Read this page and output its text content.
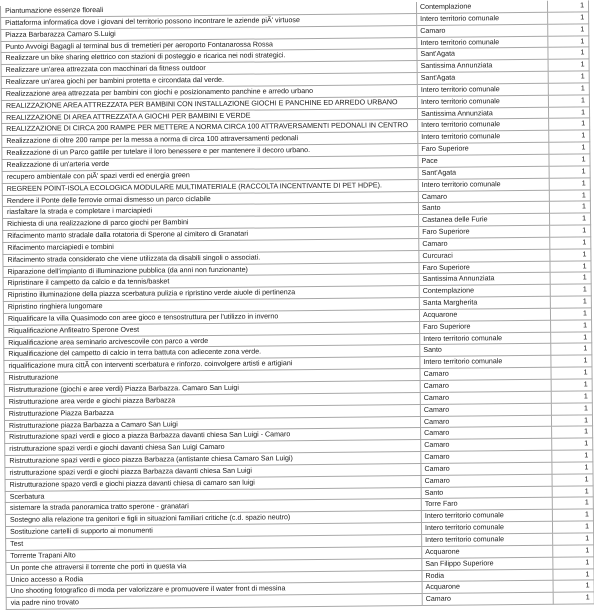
Piantumazione essenze floreali	Contemplazione	1
Piattaforma informatica dove i giovani del territorio possono incontrare le aziende piÃ' virtuose	Intero territorio comunale	1
Piazza Barbarazza Camaro S.Luigi	Camaro	1
Punto Avvoigi Bagagli al terminal bus di tremetieri per aeroporto Fontanarossa Rossa	Intero territorio comunale	1
Realizzare un bike sharing elettrico con stazioni di posteggio e ricarica nei nodi strategici.	Sant'Agata	1
Realizzare un'area attrezzata con macchinari da fitness outdoor	Santissima Annunziata	1
Realizzare un'area giochi per bambini protetta e circondata dal verde.	Sant'Agata	1
Realizzazione area attrezzata per bambini con giochi e posizionamento panchine e arredo urbano	Intero territorio comunale	1
REALIZZAZIONE AREA ATTREZZATA PER BAMBINI CON INSTALLAZIONE GIOCHI E PANCHINE ED ARREDO URBANO	Intero territorio comunale	1
REALIZZAZIONE DI AREA ATTREZZATA A GIOCHI PER BAMBINI E VERDE	Santissima Annunziata	1
REALIZZAZIONE DI CIRCA 200 RAMPE PER METTERE A NORMA CIRCA 100 ATTRAVERSAMENTI PEDONALI IN CENTRO	Intero territorio comunale	1
Realizzazione di oltre 200 rampe per la messa a norma di circa 100 attraversamenti pedonali	Intero territorio comunale	1
Realizzazione di un Parco gattile per tutelare il loro benessere e per mantenere il decoro urbano.	Faro Superiore	1
Realizzazione di un'arteria verde	Pace	1
recupero ambientale con piÃ' spazi verdi ed energia green	Sant'Agata	1
REGREEN POINT-ISOLA ECOLOGICA MODULARE MULTIMATERIALE (RACCOLTA INCENTIVANTE DI PET HDPE).	Intero territorio comunale	1
Rendere il Ponte delle ferrovie ormai dismesso un parco ciclabile	Camaro	1
riasfaltare la strada e completare i marciapiedi	Santo	1
Richiesta di una realizzazione di parco giochi per Bambini	Castanea delle Furie	1
Rifacimento manto stradale dalla rotatoria di Sperone al cimitero di Granatari	Faro Superiore	1
Rifacimento marciapiedi e tombini	Camaro	1
Rifacimento strada considerato che viene utilizzata da disabili singoli o associati.	Curcuraci	1
Riparazione dell'impianto di illuminazione pubblica (da anni non funzionante)	Faro Superiore	1
Ripristinare il campetto da calcio e da tennis/basket	Santissima Annunziata	1
Ripristino illuminazione della piazza scerbatura pulizia e ripristino verde aiuole di pertinenza	Contemplazione	1
Ripristino ringhiera lungomare	Santa Margherita	1
Riqualificare la villa Quasimodo con aree gioco e tensostruttura per l'utilizzo in inverno	Acquarone	1
Riqualificazione Anfiteatro Sperone Ovest	Faro Superiore	1
Riqualificazione area seminario arcivescovile con parco a verde	Intero territorio comunale	1
Riqualificazione del campetto di calcio in terra battuta con adiecente zona verde.	Santo	1
riqualificazione mura cittÃ con interventi scerbatura e rinforzo. coinvolgere artisti e artigiani	Intero territorio comunale	1
Ristrutturazione	Camaro	1
Ristrutturazione (giochi e aree verdi) Piazza Barbazza. Camaro San Luigi	Camaro	1
Ristrutturazione area verde e giochi piazza Barbazza	Camaro	1
Ristrutturazione Piazza Barbazza	Camaro	1
Ristrutturazione piazza Barbazza a Camaro San Luigi	Camaro	1
Ristrutturazione spazi verdi e gioco a piazza Barbazza davanti chiesa San Luigi - Camaro	Camaro	1
ristrutturazione spazi verdi e giochi davanti chiesa San Luigi Camaro	Camaro	1
Ristrutturazione spazi verdi e gioco piazza Barbazza (antistante chiesa Camaro San Luigi)	Camaro	1
ristrutturazione spazi verdi e giochi piazza Barbazza davanti chiesa San Luigi	Camaro	1
Ristrutturazione spazo verdi e giochi piazza davanti chiesa di camaro san luigi	Camaro	1
Scerbatura	Santo	1
sistemare la strada panoramica tratto sperone - granatari	Torre Faro	1
Sostegno alla relazione tra genitori e figli in situazioni familiari critiche (c.d. spazio neutro)	Intero territorio comunale	1
Sostituzione cartelli di supporto ai monumenti	Intero territorio comunale	1
Test	Intero territorio comunale	1
Torrente Trapani Alto	Acquarone	1
Un ponte che attraversi il torrente che porti in questa via	San Filippo Superiore	1
Unico accesso a Rodia	Rodia	1
Uno shooting fotografico di moda per valorizzare e promuovere il water front di messina	Acquarone	1
via padre nino trovato	Camaro	1
